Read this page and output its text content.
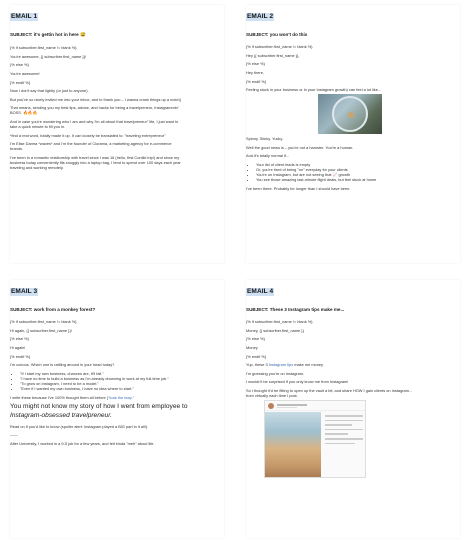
EMAIL 1
SUBJECT: it's gettin hot in here 😅
{% if subscriber.first_name != blank %}
You're awesome, {{ subscriber.first_name }}!
{% else %}
You're awesome!
{% endif %}
Now I don't say that lightly (or just to anyone).
But you've so nicely invited me into your inbox, and to thank you – I wanna crank things up a notch]
That means, sending you my best tips, advice, and hacks for being a travelpreneur, Instagrammin'
BOSS. 🔥🔥🔥
And in case you're wondering who I am and why I'm all about that travelpreneur" life, I just want to
take a quick minute to fill you in.
*find a real word, totally made it up. It can loosely be translated to: "traveling entrepreneur"
I'm Elise Darma *waves* and I'm the founder of Clorama, a marketing agency for e-commerce
brands.
I've been in a romantic relationship with travel since I was 16 (hello, first Contiki trip!) and since my
business today conveniently fits snuggly into a laptop bag, I tend to spend over 100 days each year
traveling and working remotely.
EMAIL 2
SUBJECT: you won't do this
{% if subscriber.first_name != blank %}
Hey {{ subscriber.first_name }},
{% else %}
Hey there,
{% endif %}
Feeling stuck in your business or in your Instagram growth) can feel a lot like...
Spinny. Sticky. Yucky.
Well the good news is – you're not a hamster. You're a human.
And it's totally normal if...
• Your list of client leads is empty
• Or, you're tired of being "on" everyday for your clients
• You're on Instagram, but are not seeing that 📈 growth
• You see those amazing last-minute flight deals, but feel stuck at home
I've been there. Probably for longer than I should have been.
EMAIL 3
SUBJECT: work from a monkey forest?
{% if subscriber.first_name != blank %}
Hi again, {{ subscriber.first_name }}!
{% else %}
Hi again!
{% endif %}
I'm curious. Which one is rattling around in your head today?
• "If I start my own business, chances are, it'll fail."
• "I have no time to build a business as I'm already drowning in work at my full-time job."
• "To grow on Instagram, I need to be a model."
• "Even if I wanted my own business, I have no idea where to start."
I write these because I've 100% thought them all before ("took the leap."
You might not know my story of how I went from employee to
Instagram-obsessed travelpreneur.
Read on if you'd like to know (spoiler alert: Instagram played a BIG part in it all!).
——
After University, I worked in a 9-5 job for a few years, and felt kinda "meh" about life.
EMAIL 4
SUBJECT: These 3 Instagram tips make me...
{% if subscriber.first_name != blank %}
Money, {{ subscriber.first_name }}
{% else %}
Money
{% endif %}
Yup, these 3 Instagram tips make me money.
I'm guessing you're on Instagram.
I wouldn't be surprised if you only know me from Instagram!
So I thought it'd be fitting to open up the vault a bit, and share HOW I gain clients on Instagram...
from virtually each time I post.
